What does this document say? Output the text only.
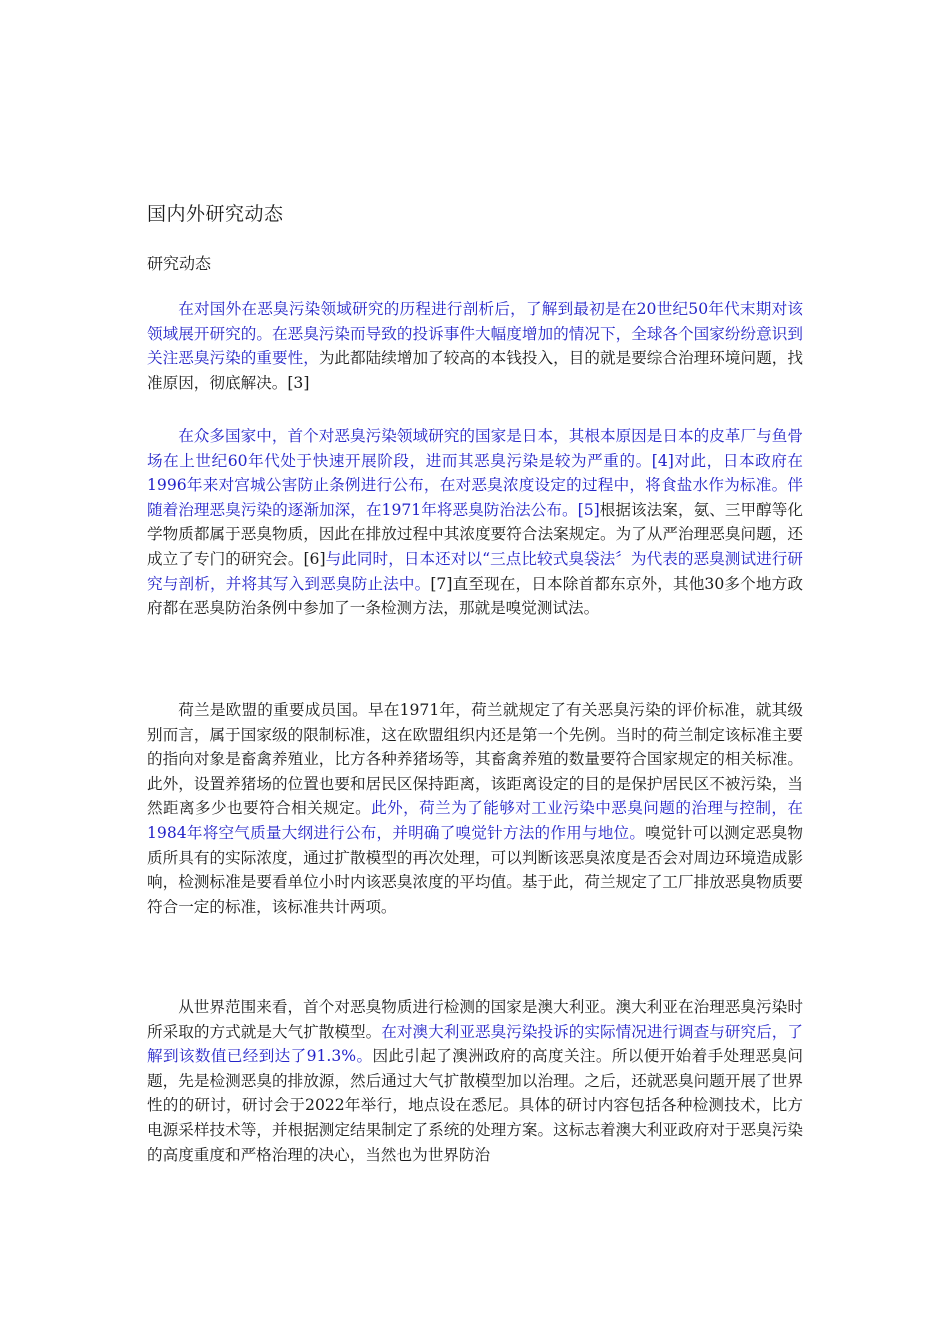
国内外研究动态
研究动态

在对国外在恶臭污染领域研究的历程进行剖析后，了解到最初是在20世纪50年代末期对该领域展开研究的。在恶臭污染而导致的投诉事件大幅度增加的情况下，全球各个国家纷纷意识到关注恶臭污染的重要性，为此都陆续增加了较高的本钱投入，目的就是要综合治理环境问题，找准原因，彻底解决。[3]

在众多国家中，首个对恶臭污染领域研究的国家是日本，其根本原因是日本的皮革厂与鱼骨场在上世纪60年代处于快速开展阶段，进而其恶臭污染是较为严重的。[4]对此，日本政府在1996年来对宫城公害防止条例进行公布，在对恶臭浓度设定的过程中，将食盐水作为标准。伴随着治理恶臭污染的逐渐加深，在1971年将恶臭防治法公布。[5]根据该法案，氨、三甲醇等化学物质都属于恶臭物质，因此在排放过程中其浓度要符合法案规定。为了从严治理恶臭问题，还成立了专门的研究会。[6]与此同时，日本还对以“三点比较式臭袋法〞为代表的恶臭测试进行研究与剖析，并将其写入到恶臭防止法中。[7]直至现在，日本除首都东京外，其他30多个地方政府都在恶臭防治条例中参加了一条检测方法，那就是嗅觉测试法。

荷兰是欧盟的重要成员国。早在1971年，荷兰就规定了有关恶臭污染的评价标准，就其级别而言，属于国家级的限制标准，这在欧盟组织内还是第一个先例。当时的荷兰制定该标准主要的指向对象是畜禽养殖业，比方各种养猪场等，其畜禽养殖的数量要符合国家规定的相关标准。此外，设置养猪场的位置也要和居民区保持距离，该距离设定的目的是保护居民区不被污染，当然距离多少也要符合相关规定。此外，荷兰为了能够对工业污染中恶臭问题的治理与控制，在1984年将空气质量大纲进行公布，并明确了嗅觉针方法的作用与地位。嗅觉针可以测定恶臭物质所具有的实际浓度，通过扩散模型的再次处理，可以判断该恶臭浓度是否会对周边环境造成影响，检测标准是要看单位小时内该恶臭浓度的平均值。基于此，荷兰规定了工厂排放恶臭物质要符合一定的标准，该标准共计两项。

从世界范围来看，首个对恶臭物质进行检测的国家是澳大利亚。澳大利亚在治理恶臭污染时所采取的方式就是大气扩散模型。在对澳大利亚恶臭污染投诉的实际情况进行调查与研究后，了解到该数值已经到达了91.3%。因此引起了澳洲政府的高度关注。所以便开始着手处理恶臭问题，先是检测恶臭的排放源，然后通过大气扩散模型加以治理。之后，还就恶臭问题开展了世界性的的研讨，研讨会于2022年举行，地点设在悉尼。具体的研讨内容包括各种检测技术，比方电源采样技术等，并根据测定结果制定了系统的处理方案。这标志着澳大利亚政府对于恶臭污染的高度重度和严格治理的决心，当然也为世界防治
